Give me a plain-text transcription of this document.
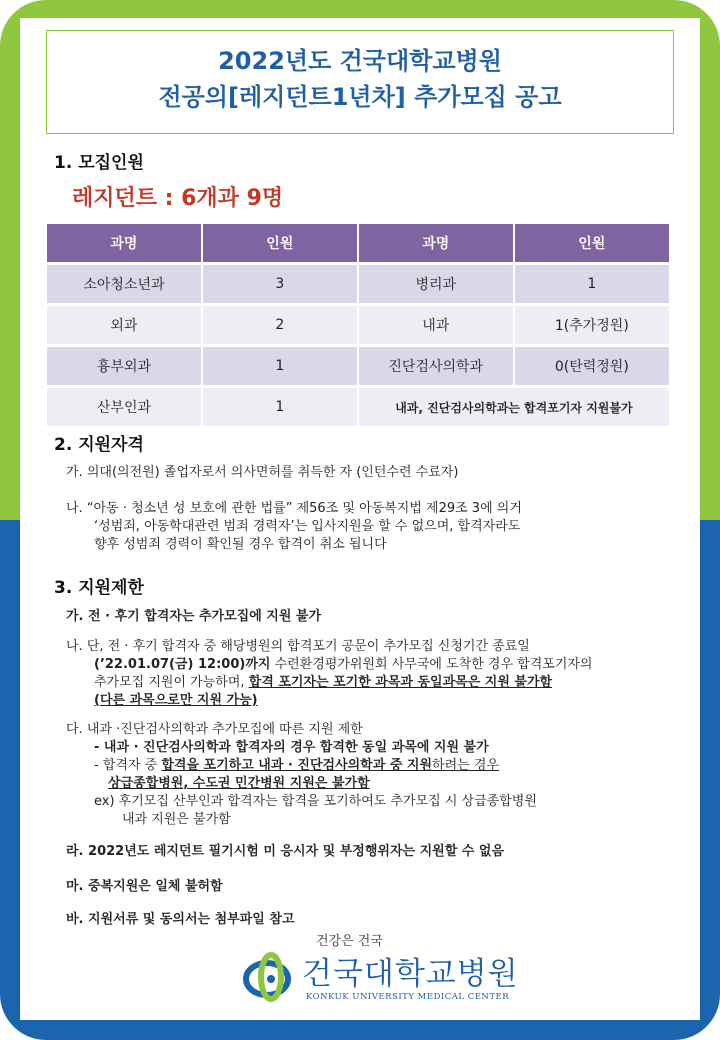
2022년도 건국대학교병원
전공의[레지던트1년차] 추가모집 공고
1. 모집인원
레지던트 : 6개과 9명
과명	인원	과명	인원
소아청소년과	3	병리과	1
외과	2	내과	1(추가정원)
흉부외과	1	진단검사의학과	0(탄력정원)
산부인과	1	내과, 진단검사의학과는 합격포기자 지원불가	
2. 지원자격
가. 의대(의전원) 졸업자로서 의사면허를 취득한 자 (인턴수련 수료자)
나. “아동 · 청소년 성 보호에 관한 법률” 제56조 및 아동복지법 제29조 3에 의거
‘성범죄, 아동학대관련 범죄 경력자’는 입사지원을 할 수 없으며, 합격자라도
향후 성범죄 경력이 확인될 경우 합격이 취소 됩니다
3. 지원제한
가. 전 · 후기 합격자는 추가모집에 지원 불가
나. 단, 전 · 후기 합격자 중 해당병원의 합격포기 공문이 추가모집 신청기간 종료일
(’22.01.07(금) 12:00)까지 수련환경평가위원회 사무국에 도착한 경우 합격포기자의
추가모집 지원이 가능하며, 합격 포기자는 포기한 과목과 동일과목은 지원 불가함
(다른 과목으로만 지원 가능)
다. 내과 ·진단검사의학과 추가모집에 따른 지원 제한
- 내과 · 진단검사의학과 합격자의 경우 합격한 동일 과목에 지원 불가
- 합격자 중 합격을 포기하고 내과 · 진단검사의학과 중 지원하려는 경우
상급종합병원, 수도권 민간병원 지원은 불가함
ex) 후기모집 산부인과 합격자는 합격을 포기하여도 추가모집 시 상급종합병원
내과 지원은 불가함
라. 2022년도 레지던트 필기시험 미 응시자 및 부정행위자는 지원할 수 없음
마. 중복지원은 일체 불허함
바. 지원서류 및 동의서는 첨부파일 참고
건강은 건국
건국대학교병원
KONKUK UNIVERSITY MEDICAL CENTER
